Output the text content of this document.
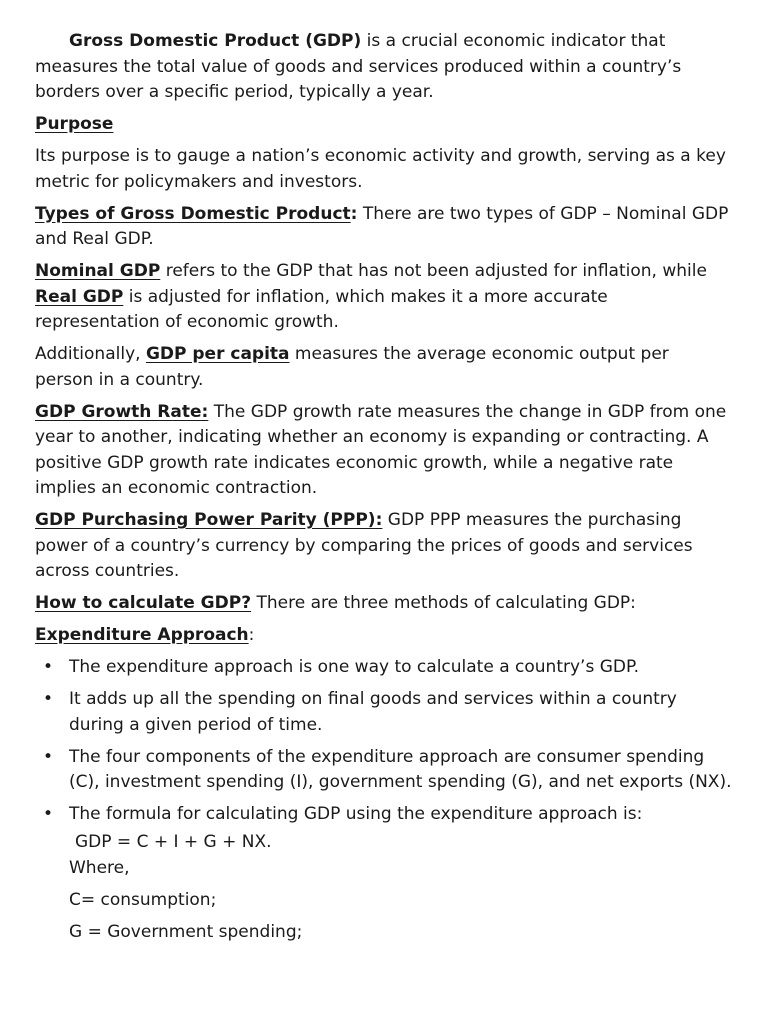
Gross Domestic Product (GDP) is a crucial economic indicator that measures the total value of goods and services produced within a country’s borders over a specific period, typically a year.

Purpose

Its purpose is to gauge a nation’s economic activity and growth, serving as a key metric for policymakers and investors.

Types of Gross Domestic Product: There are two types of GDP – Nominal GDP and Real GDP.

Nominal GDP refers to the GDP that has not been adjusted for inflation, while Real GDP is adjusted for inflation, which makes it a more accurate representation of economic growth.

Additionally, GDP per capita measures the average economic output per person in a country.

GDP Growth Rate: The GDP growth rate measures the change in GDP from one year to another, indicating whether an economy is expanding or contracting. A positive GDP growth rate indicates economic growth, while a negative rate implies an economic contraction.

GDP Purchasing Power Parity (PPP): GDP PPP measures the purchasing power of a country’s currency by comparing the prices of goods and services across countries.

How to calculate GDP? There are three methods of calculating GDP:

Expenditure Approach:

• The expenditure approach is one way to calculate a country’s GDP.
• It adds up all the spending on final goods and services within a country during a given period of time.
• The four components of the expenditure approach are consumer spending (C), investment spending (I), government spending (G), and net exports (NX).
• The formula for calculating GDP using the expenditure approach is:
GDP = C + I + G + NX.
Where,

C= consumption;

G = Government spending;
